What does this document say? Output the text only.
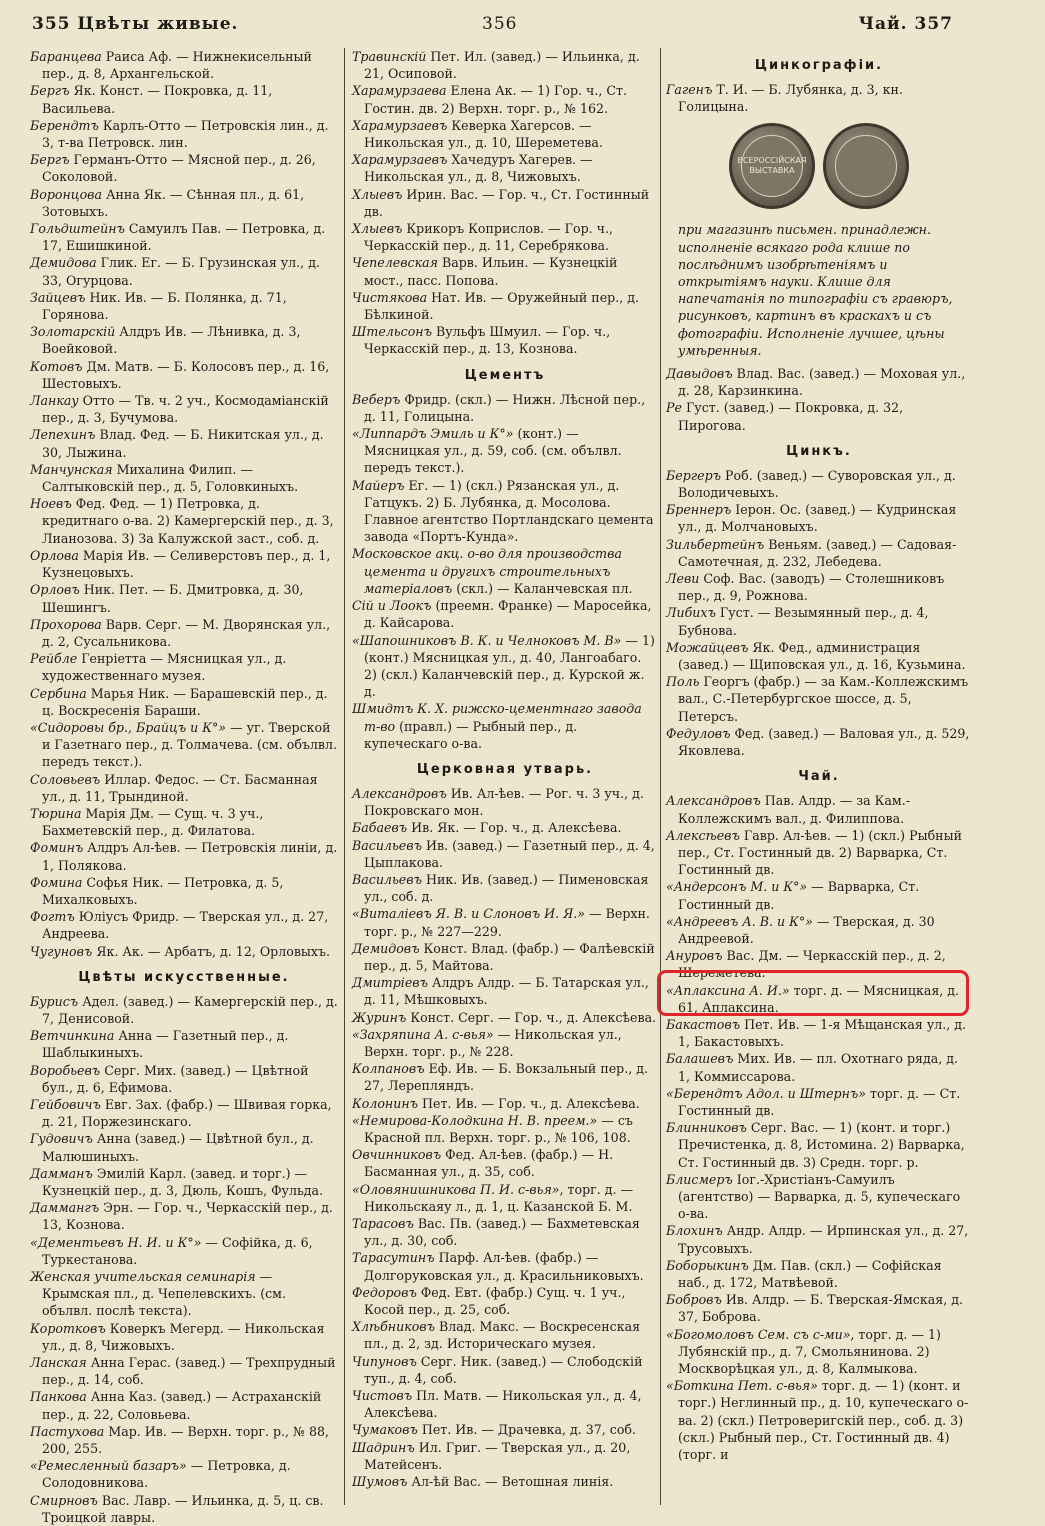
355 Цвѣты живые.	356	Чай. 357

Баранцева Раиса Аф. — Нижнекисельный пер., д. 8, Архангельской.

Бергъ Як. Конст. — Покровка, д. 11, Васильева.

Берендтъ Карлъ-Отто — Петровскія лин., д. 3, т-ва Петровск. лин.

Бергъ Германъ-Отто — Мясной пер., д. 26, Соколовой.

Воронцова Анна Як. — Сѣнная пл., д. 61, Зотовыхъ.

Гольдштейнъ Самуилъ Пав. — Петровка, д. 17, Ешишкиной.

Демидова Глик. Ег. — Б. Грузинская ул., д. 33, Огурцова.

Зайцевъ Ник. Ив. — Б. Полянка, д. 71, Горянова.

Золотарскій Алдръ Ив. — Лѣнивка, д. 3, Воейковой.

Котовъ Дм. Матв. — Б. Колосовъ пер., д. 16, Шестовыхъ.

Ланкау Отто — Тв. ч. 2 уч., Космодаміанскій пер., д. 3, Бучумова.

Лепехинъ Влад. Фед. — Б. Никитская ул., д. 30, Лыжина.

Манчунская Михалина Филип. — Салтыковскій пер., д. 5, Головкиныхъ.

Ноевъ Фед. Фед. — 1) Петровка, д. кредитнаго о-ва. 2) Камергерскій пер., д. 3, Лианозова. 3) За Калужской заст., соб. д.

Орлова Марія Ив. — Селиверстовъ пер., д. 1, Кузнецовыхъ.

Орловъ Ник. Пет. — Б. Дмитровка, д. 30, Шешингъ.

Прохорова Варв. Серг. — М. Дворянская ул., д. 2, Сусальникова.

Рейбле Генріетта — Мясницкая ул., д. художественнаго музея.

Сербина Марья Ник. — Барашевскій пер., д. ц. Воскресенія Бараши.

«Сидоровы бр., Брайцъ и К°» — уг. Тверской и Газетнаго пер., д. Толмачева. (см. обълвл. передъ текст.).

Соловьевъ Иллар. Федос. — Ст. Басманная ул., д. 11, Трындиной.

Тюрина Марія Дм. — Сущ. ч. 3 уч., Бахметевскій пер., д. Филатова.

Фоминъ Алдръ Ал-ѣев. — Петровскія линіи, д. 1, Полякова.

Фомина Софья Ник. — Петровка, д. 5, Михалковыхъ.

Фогтъ Юліусъ Фридр. — Тверская ул., д. 27, Андреева.

Чугуновъ Як. Ак. — Арбатъ, д. 12, Орловыхъ.

Цвѣты искусственные.

Бурисъ Адел. (завед.) — Камергерскій пер., д. 7, Денисовой.

Ветчинкина Анна — Газетный пер., д. Шаблыкиныхъ.

Воробьевъ Серг. Мих. (завед.) — Цвѣтной бул., д. 6, Ефимова.

Гейбовичъ Евг. Зах. (фабр.) — Швивая горка, д. 21, Поржезинскаго.

Гудовичъ Анна (завед.) — Цвѣтной бул., д. Малюшиныхъ.

Дамманъ Эмилій Карл. (завед. и торг.) — Кузнецкій пер., д. 3, Дюль, Кошъ, Фульда.

Даммангъ Эрн. — Гор. ч., Черкасскій пер., д. 13, Кознова.

«Дементьевъ Н. И. и К°» — Софійка, д. 6, Туркестанова.

Женская учительская семинарія — Крымская пл., д. Чепелевскихъ. (см. обълвл. послѣ текста).

Коротковъ Коверкъ Мегерд. — Никольская ул., д. 8, Чижовыхъ.

Ланская Анна Герас. (завед.) — Трехпрудный пер., д. 14, соб.

Панкова Анна Каз. (завед.) — Астраханскій пер., д. 22, Соловьева.

Пастухова Мар. Ив. — Верхн. торг. р., № 88, 200, 255.

«Ремесленный базаръ» — Петровка, д. Солодовникова.

Смирновъ Вас. Лавр. — Ильинка, д. 5, ц. св. Троицкой лавры.

Травинскій Пет. Ил. (завед.) — Ильинка, д. 21, Осиповой.

Харамурзаева Елена Ак. — 1) Гор. ч., Ст. Гостин. дв. 2) Верхн. торг. р., № 162.

Харамурзаевъ Кеверка Хагерсов. — Никольская ул., д. 10, Шереметева.

Харамурзаевъ Хачедуръ Хагерев. — Никольская ул., д. 8, Чижовыхъ.

Хлыевъ Ирин. Вас. — Гор. ч., Ст. Гостинный дв.

Хлыевъ Крикоръ Коприслов. — Гор. ч., Черкасскій пер., д. 11, Серебрякова.

Чепелевская Варв. Ильин. — Кузнецкій мост., пасс. Попова.

Чистякова Нат. Ив. — Оружейный пер., д. Бѣлкиной.

Штельсонъ Вульфъ Шмуил. — Гор. ч., Черкасскій пер., д. 13, Кознова.

Цементъ

Веберъ Фридр. (скл.) — Нижн. Лѣсной пер., д. 11, Голицына.

«Липпардъ Эмиль и К°» (конт.) — Мясницкая ул., д. 59, соб. (см. обълвл. передъ текст.).

Майеръ Ег. — 1) (скл.) Рязанская ул., д. Гатцукъ. 2) Б. Лубянка, д. Мосолова. Главное агентство Портландскаго цемента завода «Портъ-Кунда».

Московское акц. о-во для производства цемента и другихъ строительныхъ матеріаловъ (скл.) — Каланчевская пл.

Сій и Лоокъ (преемн. Франке) — Маросейка, д. Кайсарова.

«Шапошниковъ В. К. и Челноковъ М. В» — 1) (конт.) Мясницкая ул., д. 40, Лангоабаго. 2) (скл.) Каланчевскій пер., д. Курской ж. д.

Шмидтъ К. Х. рижско-цементнаго завода т-во (правл.) — Рыбный пер., д. купеческаго о-ва.

Церковная утварь.

Александровъ Ив. Ал-ѣев. — Рог. ч. 3 уч., д. Покровскаго мон.

Бабаевъ Ив. Як. — Гор. ч., д. Алексѣева.

Васильевъ Ив. (завед.) — Газетный пер., д. 4, Цыплакова.

Васильевъ Ник. Ив. (завед.) — Пименовская ул., соб. д.

«Виталіевъ Я. В. и Слоновъ И. Я.» — Верхн. торг. р., № 227—229.

Демидовъ Конст. Влад. (фабр.) — Фалѣевскій пер., д. 5, Майтова.

Дмитріевъ Алдръ Алдр. — Б. Татарская ул., д. 11, Мѣшковыхъ.

Журинъ Конст. Серг. — Гор. ч., д. Алексѣева.

«Захряпина А. с-вья» — Никольская ул., Верхн. торг. р., № 228.

Колпановъ Еф. Ив. — Б. Вокзальный пер., д. 27, Лерепляндъ.

Колонинъ Пет. Ив. — Гор. ч., д. Алексѣева.

«Немирова-Колодкина Н. В. преем.» — съ Красной пл. Верхн. торг. р., № 106, 108.

Овчинниковъ Фед. Ал-ѣев. (фабр.) — Н. Басманная ул., д. 35, соб.

«Оловянишникова П. И. с-вья», торг. д. — Никольскаяу л., д. 1, ц. Казанской Б. М.

Тарасовъ Вас. Пв. (завед.) — Бахметевская ул., д. 30, соб.

Тарасутинъ Парф. Ал-ѣев. (фабр.) — Долгоруковская ул., д. Красильниковыхъ.

Федоровъ Фед. Евт. (фабр.) Сущ. ч. 1 уч., Косой пер., д. 25, соб.

Хлѣбниковъ Влад. Макс. — Воскресенская пл., д. 2, зд. Историческаго музея.

Чипуновъ Серг. Ник. (завед.) — Слободскій туп., д. 4, соб.

Чистовъ Пл. Матв. — Никольская ул., д. 4, Алексѣева.

Чумаковъ Пет. Ив. — Драчевка, д. 37, соб.

Шадринъ Ил. Григ. — Тверская ул., д. 20, Матейсенъ.

Шумовъ Ал-ѣй Вас. — Ветошная линія.

Цинкографіи.

Гагенъ Т. И. — Б. Лубянка, д. 3, кн. Голицына.

ВСЕРОССІЙСКАЯ ВЫСТАВКА
при магазинѣ письмен. принадлежн. исполненіе всякаго рода клише по послѣднимъ изобрѣтеніямъ и открытіямъ науки. Клише для напечатанія по типографіи съ гравюръ, рисунковъ, картинъ въ краскахъ и съ фотографіи. Исполненіе лучшее, цѣны умѣренныя.

Давыдовъ Влад. Вас. (завед.) — Моховая ул., д. 28, Карзинкина.

Ре Густ. (завед.) — Покровка, д. 32, Пирогова.

Цинкъ.

Бергеръ Роб. (завед.) — Суворовская ул., д. Володичевыхъ.

Бреннеръ Іерон. Ос. (завед.) — Кудринская ул., д. Молчановыхъ.

Зильбертейнъ Веньям. (завед.) — Садовая-Самотечная, д. 232, Лебедева.

Леви Соф. Вас. (заводъ) — Столешниковъ пер., д. 9, Рожнова.

Либихъ Густ. — Везымянный пер., д. 4, Бубнова.

Можайцевъ Як. Фед., администрация (завед.) — Щиповская ул., д. 16, Кузьмина.

Поль Георгъ (фабр.) — за Кам.-Коллежскимъ вал., С.-Петербургское шоссе, д. 5, Петерсъ.

Федуловъ Фед. (завед.) — Валовая ул., д. 529, Яковлева.

Чай.

Александровъ Пав. Алдр. — за Кам.-Коллежскимъ вал., д. Филиппова.

Алексѣевъ Гавр. Ал-ѣев. — 1) (скл.) Рыбный пер., Ст. Гостинный дв. 2) Варварка, Ст. Гостинный дв.

«Андерсонъ М. и К°» — Варварка, Ст. Гостинный дв.

«Андреевъ А. В. и К°» — Тверская, д. 30 Андреевой.

Ануровъ Вас. Дм. — Черкасскій пер., д. 2, Шереметева.

«Аплаксина А. И.» торг. д. — Мясницкая, д. 61, Аплаксина.

Бакастовъ Пет. Ив. — 1-я Мѣщанская ул., д. 1, Бакастовыхъ.

Балашевъ Мих. Ив. — пл. Охотнаго ряда, д. 1, Коммиссарова.

«Берендтъ Адол. и Штернъ» торг. д. — Ст. Гостинный дв.

Блинниковъ Серг. Вас. — 1) (конт. и торг.) Пречистенка, д. 8, Истомина. 2) Варварка, Ст. Гостинный дв. 3) Средн. торг. р.

Блисмеръ Іог.-Христіанъ-Самуилъ (агентство) — Варварка, д. 5, купеческаго о-ва.

Блохинъ Андр. Алдр. — Ирпинская ул., д. 27, Трусовыхъ.

Боборыкинъ Дм. Пав. (скл.) — Софійская наб., д. 172, Матвѣевой.

Бобровъ Ив. Алдр. — Б. Тверская-Ямская, д. 37, Боброва.

«Богомоловъ Сем. съ с-ми», торг. д. — 1) Лубянскій пр., д. 7, Смольянинова. 2) Москворѣцкая ул., д. 8, Калмыкова.

«Боткина Пет. с-вья» торг. д. — 1) (конт. и торг.) Неглинный пр., д. 10, купеческаго о-ва. 2) (скл.) Петроверигскій пер., соб. д. 3) (скл.) Рыбный пер., Ст. Гостинный дв. 4) (торг. и
